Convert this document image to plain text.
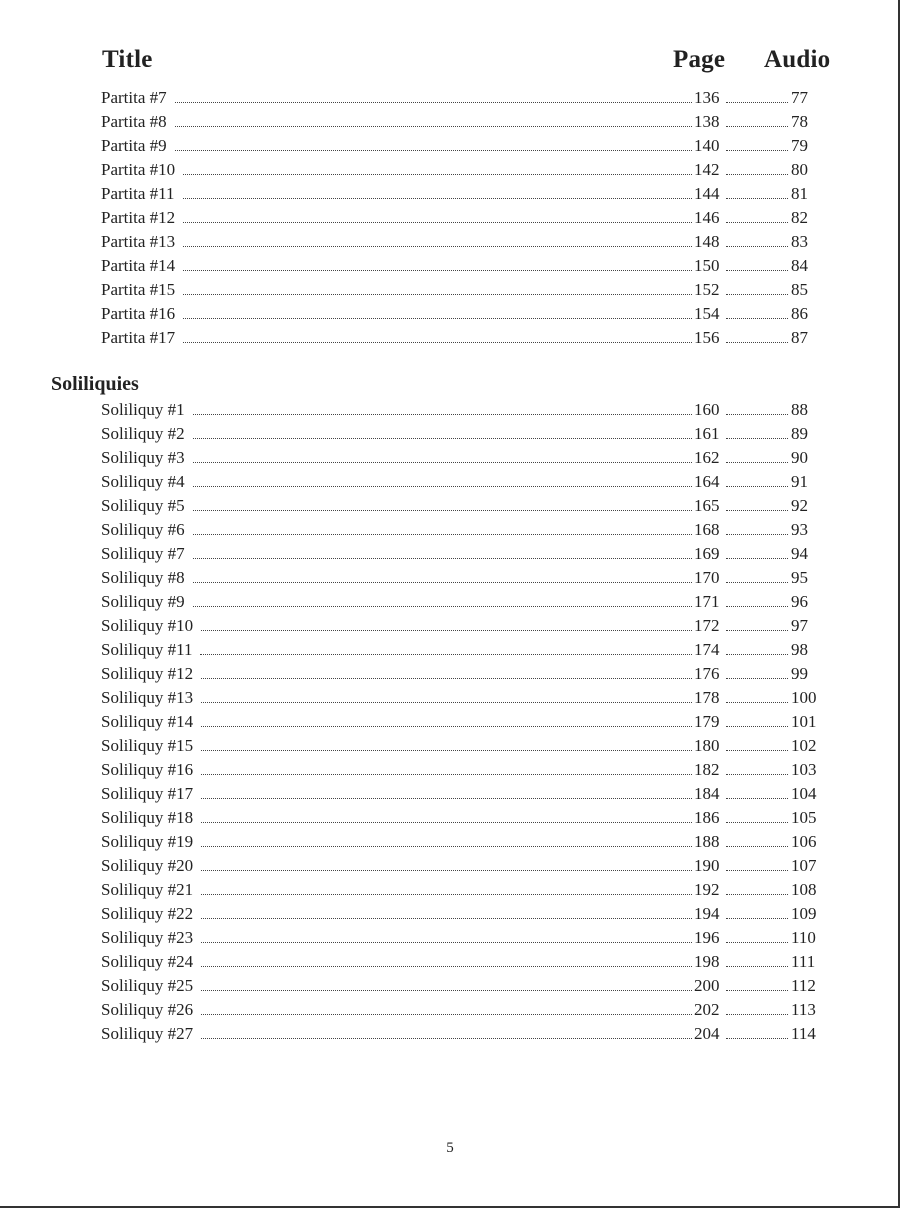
Title	Page Audio
Partita #7	136	77
Partita #8	138	78
Partita #9	140	79
Partita #10	142	80
Partita #11	144	81
Partita #12	146	82
Partita #13	148	83
Partita #14	150	84
Partita #15	152	85
Partita #16	154	86
Partita #17	156	87
Soliliquies
Soliliquy #1	160	88
Soliliquy #2	161	89
Soliliquy #3	162	90
Soliliquy #4	164	91
Soliliquy #5	165	92
Soliliquy #6	168	93
Soliliquy #7	169	94
Soliliquy #8	170	95
Soliliquy #9	171	96
Soliliquy #10	172	97
Soliliquy #11	174	98
Soliliquy #12	176	99
Soliliquy #13	178	100
Soliliquy #14	179	101
Soliliquy #15	180	102
Soliliquy #16	182	103
Soliliquy #17	184	104
Soliliquy #18	186	105
Soliliquy #19	188	106
Soliliquy #20	190	107
Soliliquy #21	192	108
Soliliquy #22	194	109
Soliliquy #23	196	110
Soliliquy #24	198	111
Soliliquy #25	200	112
Soliliquy #26	202	113
Soliliquy #27	204	114
5
